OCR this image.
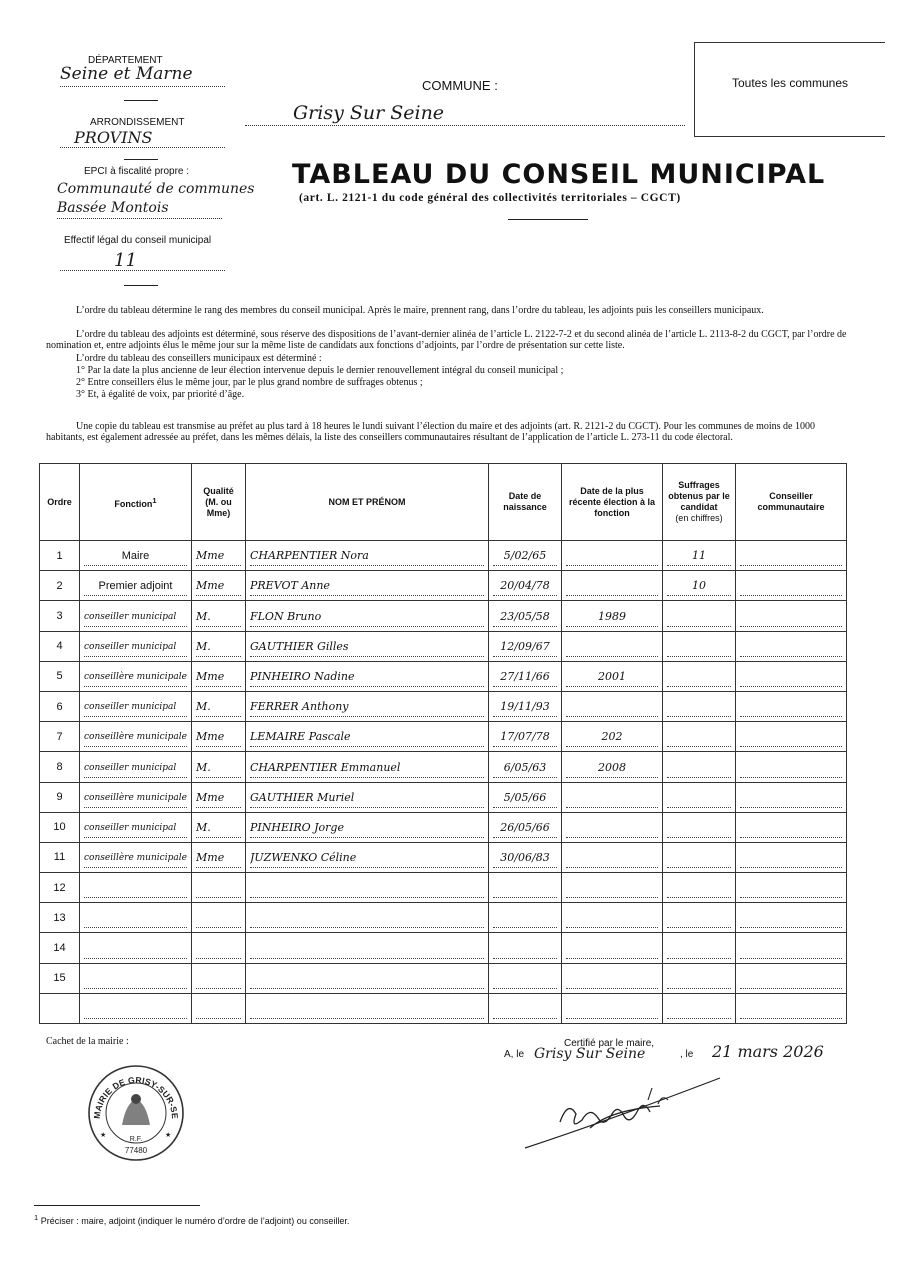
DÉPARTEMENT
Seine et Marne
ARRONDISSEMENT
PROVINS
EPCI à fiscalité propre :
Communauté de communes
Bassée Montois
Effectif légal du conseil municipal
11
COMMUNE :
Grisy Sur Seine
Toutes les communes
TABLEAU DU CONSEIL MUNICIPAL
(art. L. 2121-1 du code général des collectivités territoriales – CGCT)
L’ordre du tableau détermine le rang des membres du conseil municipal. Après le maire, prennent rang, dans l’ordre du tableau, les adjoints puis les conseillers municipaux.
L’ordre du tableau des adjoints est déterminé, sous réserve des dispositions de l’avant-dernier alinéa de l’article L. 2122-7-2 et du second alinéa de l’article L. 2113-8-2 du CGCT, par l’ordre de nomination et, entre adjoints élus le même jour sur la même liste de candidats aux fonctions d’adjoints, par l’ordre de présentation sur cette liste.
L’ordre du tableau des conseillers municipaux est déterminé :
1° Par la date la plus ancienne de leur élection intervenue depuis le dernier renouvellement intégral du conseil municipal ;
2° Entre conseillers élus le même jour, par le plus grand nombre de suffrages obtenus ;
3° Et, à égalité de voix, par priorité d’âge.
Une copie du tableau est transmise au préfet au plus tard à 18 heures le lundi suivant l’élection du maire et des adjoints (art. R. 2121-2 du CGCT). Pour les communes de moins de 1000 habitants, est également adressée au préfet, dans les mêmes délais, la liste des conseillers communautaires résultant de l’application de l’article L. 273-11 du code électoral.
Ordre	Fonction$^1$	Qualité (M. ou Mme)	NOM ET PRÉNOM	Date de naissance	Date de la plus récente élection à la fonction	Suffrages obtenus par le candidat
(en chiffres)	Conseiller communautaire
1	Maire	Mme	CHARPENTIER Nora	5/02/65		11	

2	Premier adjoint	Mme	PREVOT Anne	20/04/78		10	

3	conseiller municipal	M.	FLON Bruno	23/05/58	1989		

4	conseiller municipal	M.	GAUTHIER Gilles	12/09/67			

5	conseillère municipale	Mme	PINHEIRO Nadine	27/11/66	2001		

6	conseiller municipal	M.	FERRER Anthony	19/11/93			

7	conseillère municipale	Mme	LEMAIRE Pascale	17/07/78	202		

8	conseiller municipal	M.	CHARPENTIER Emmanuel	6/05/63	2008		

9	conseillère municipale	Mme	GAUTHIER Muriel	5/05/66			

10	conseiller municipal	M.	PINHEIRO Jorge	26/05/66			

11	conseillère municipale	Mme	JUZWENKO Céline	30/06/83			

12	

13	

14	

15	

Cachet de la mairie :	Certifié par le maire,
A, le Grisy Sur Seine	, le 21 mars 2026
MAIRIE DE GRISY-SUR-SE
★	★
R.F.
77480
$^1$ Préciser : maire, adjoint (indiquer le numéro d’ordre de l’adjoint) ou conseiller.
